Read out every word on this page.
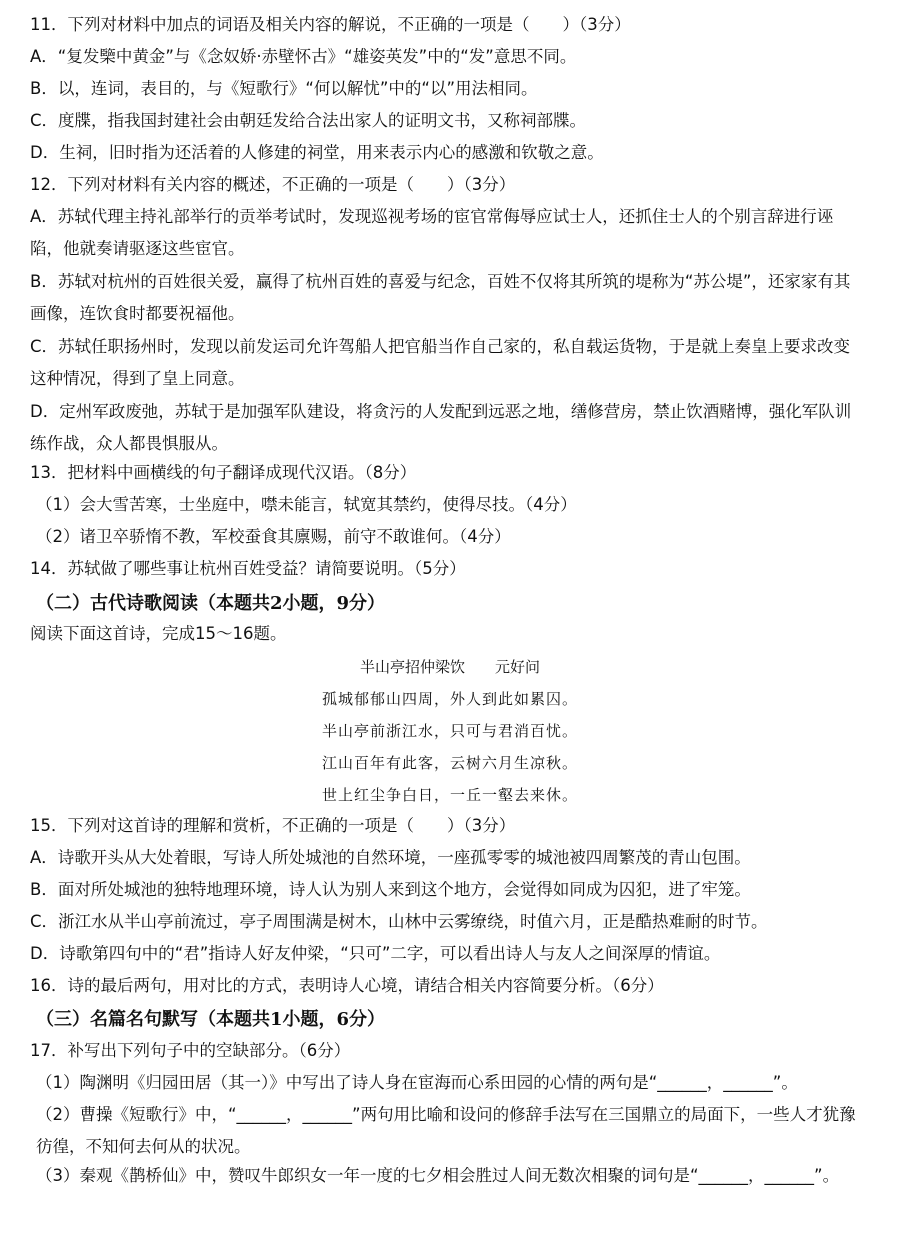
11．下列对材料中加点的词语及相关内容的解说，不正确的一项是（　　）（3分）
A．“复发㯺中黄金”与《念奴娇·赤壁怀古》“雄姿英发”中的“发”意思不同。
B．以，连词，表目的，与《短歌行》“何以解忧”中的“以”用法相同。
C．度牒，指我国封建社会由朝廷发给合法出家人的证明文书，又称祠部牒。
D．生祠，旧时指为还活着的人修建的祠堂，用来表示内心的感激和钦敬之意。
12．下列对材料有关内容的概述，不正确的一项是（　　）（3分）
A．苏轼代理主持礼部举行的贡举考试时，发现巡视考场的宦官常侮辱应试士人，还抓住士人的个别言辞进行诬陷，他就奏请驱逐这些宦官。
B．苏轼对杭州的百姓很关爱，赢得了杭州百姓的喜爱与纪念，百姓不仅将其所筑的堤称为“苏公堤”，还家家有其画像，连饮食时都要祝福他。
C．苏轼任职扬州时，发现以前发运司允许驾船人把官船当作自己家的，私自载运货物，于是就上奏皇上要求改变这种情况，得到了皇上同意。
D．定州军政废弛，苏轼于是加强军队建设，将贪污的人发配到远恶之地，缮修营房，禁止饮酒赌博，强化军队训练作战，众人都畏惧服从。
13．把材料中画横线的句子翻译成现代汉语。（8分）
（1）会大雪苦寒，士坐庭中，噤未能言，轼宽其禁约，使得尽技。（4分）
（2）诸卫卒骄惰不教，军校蚕食其廪赐，前守不敢谁何。（4分）
14．苏轼做了哪些事让杭州百姓受益？请简要说明。（5分）
（二）古代诗歌阅读（本题共2小题，9分）
阅读下面这首诗，完成15～16题。
半山亭招仲梁饮　　元好问
孤城郁郁山四周，外人到此如累囚。
半山亭前浙江水，只可与君消百忧。
江山百年有此客，云树六月生凉秋。
世上红尘争白日，一丘一壑去来休。
15．下列对这首诗的理解和赏析，不正确的一项是（　　）（3分）
A．诗歌开头从大处着眼，写诗人所处城池的自然环境，一座孤零零的城池被四周繁茂的青山包围。
B．面对所处城池的独特地理环境，诗人认为别人来到这个地方，会觉得如同成为囚犯，进了牢笼。
C．浙江水从半山亭前流过，亭子周围满是树木，山林中云雾缭绕，时值六月，正是酷热难耐的时节。
D．诗歌第四句中的“君”指诗人好友仲梁，“只可”二字，可以看出诗人与友人之间深厚的情谊。
16．诗的最后两句，用对比的方式，表明诗人心境，请结合相关内容简要分析。（6分）
（三）名篇名句默写（本题共1小题，6分）
17．补写出下列句子中的空缺部分。（6分）
（1）陶渊明《归园田居（其一）》中写出了诗人身在宦海而心系田园的心情的两句是“______，______”。
（2）曹操《短歌行》中，“______，______”两句用比喻和设问的修辞手法写在三国鼎立的局面下，一些人才犹豫彷徨，不知何去何从的状况。
（3）秦观《鹊桥仙》中，赞叹牛郎织女一年一度的七夕相会胜过人间无数次相聚的词句是“______，______”。
